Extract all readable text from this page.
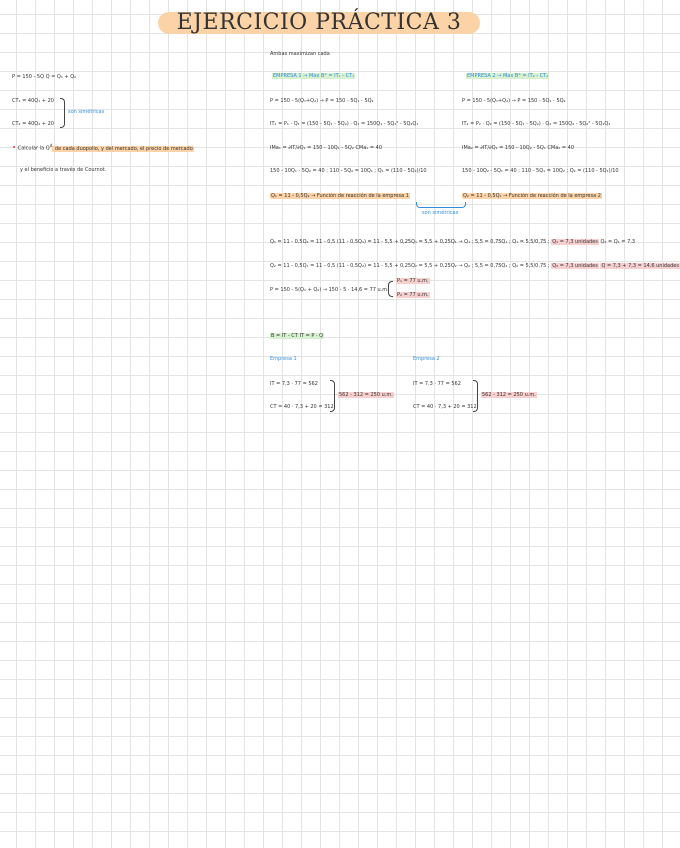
EJERCICIO PRÁCTICA 3
P = 150 - 5Q Q = Q₁ + Q₂
CT₁ = 40Q₁ + 20
CT₂ = 40Q₂ + 20
son simétricas
• Calcular la $Q^d$ de cada duopolio, y del mercado, el precio de mercado
y el beneficio a través de Cournot.
Ambas maximizan cada
EMPRESA 1 → Max B° = IT₁ - CT₁
P = 150 - 5(Q₁+Q₂) → P = 150 - 5Q₁ - 5Q₂
IT₁ = P₁ · Q₁ = (150 - 5Q₁ - 5Q₂) · Q₁ = 150Q₁ - 5Q₁² - 5Q₂Q₁
IMa₁ = ∂IT/∂Q₁ = 150 - 10Q₁ - 5Q₂ CMa₁ = 40
150 - 10Q₁ - 5Q₂ = 40 ; 110 - 5Q₂ = 10Q₁ ; Q₁ = (110 - 5Q₂)/10
Q₁ = 11 - 0,5Q₂ → Función de reacción de la empresa 1
EMPRESA 2 → Max B° = IT₂ - CT₂
P = 150 - 5(Q₁+Q₂) → P = 150 - 5Q₁ - 5Q₂
IT₂ = P₂ · Q₂ = (150 - 5Q₁ - 5Q₂) · Q₂ = 150Q₂ - 5Q₂² - 5Q₁Q₂
IMa₂ = ∂IT/∂Q₂ = 150 - 10Q₂ - 5Q₁ CMa₂ = 40
150 - 10Q₂ - 5Q₁ = 40 ; 110 - 5Q₁ = 10Q₂ ; Q₂ = (110 - 5Q₁)/10
Q₂ = 11 - 0,5Q₁ → Función de reacción de la empresa 2
son simétricas
Q₁ = 11 - 0,5Q₂ = 11 - 0,5 (11 - 0,5Q₁) = 11 - 5,5 + 0,25Q₁ = 5,5 + 0,25Q₁ → Q₁ ; 5,5 = 0,75Q₁ ; Q₁ = 5,5/0,75 ; Q₁ = 7,3 unidades Q₂ = Q₁ = 7,3
Q₂ = 11 - 0,5Q₁ = 11 - 0,5 (11 - 0,5Q₂) = 11 - 5,5 + 0,25Q₂ = 5,5 + 0,25Q₂ → Q₂ ; 5,5 = 0,75Q₂ ; Q₂ = 5,5/0,75 ; Q₂ = 7,3 unidades Q = 7,3 + 7,3 = 14,6 unidades
P = 150 - 5(Q₁ + Q₂) → 150 - 5 · 14,6 = 77 u.m.
P₁ = 77 u.m.
P₂ = 77 u.m.
B = IT - CT IT = P · Q
Empresa 1
IT = 7,3 · 77 = 562
CT = 40 · 7,3 + 20 = 312
562 - 312 = 250 u.m.
Empresa 2
IT = 7,3 · 77 = 562
CT = 40 · 7,3 + 20 = 312
562 - 312 = 250 u.m.
